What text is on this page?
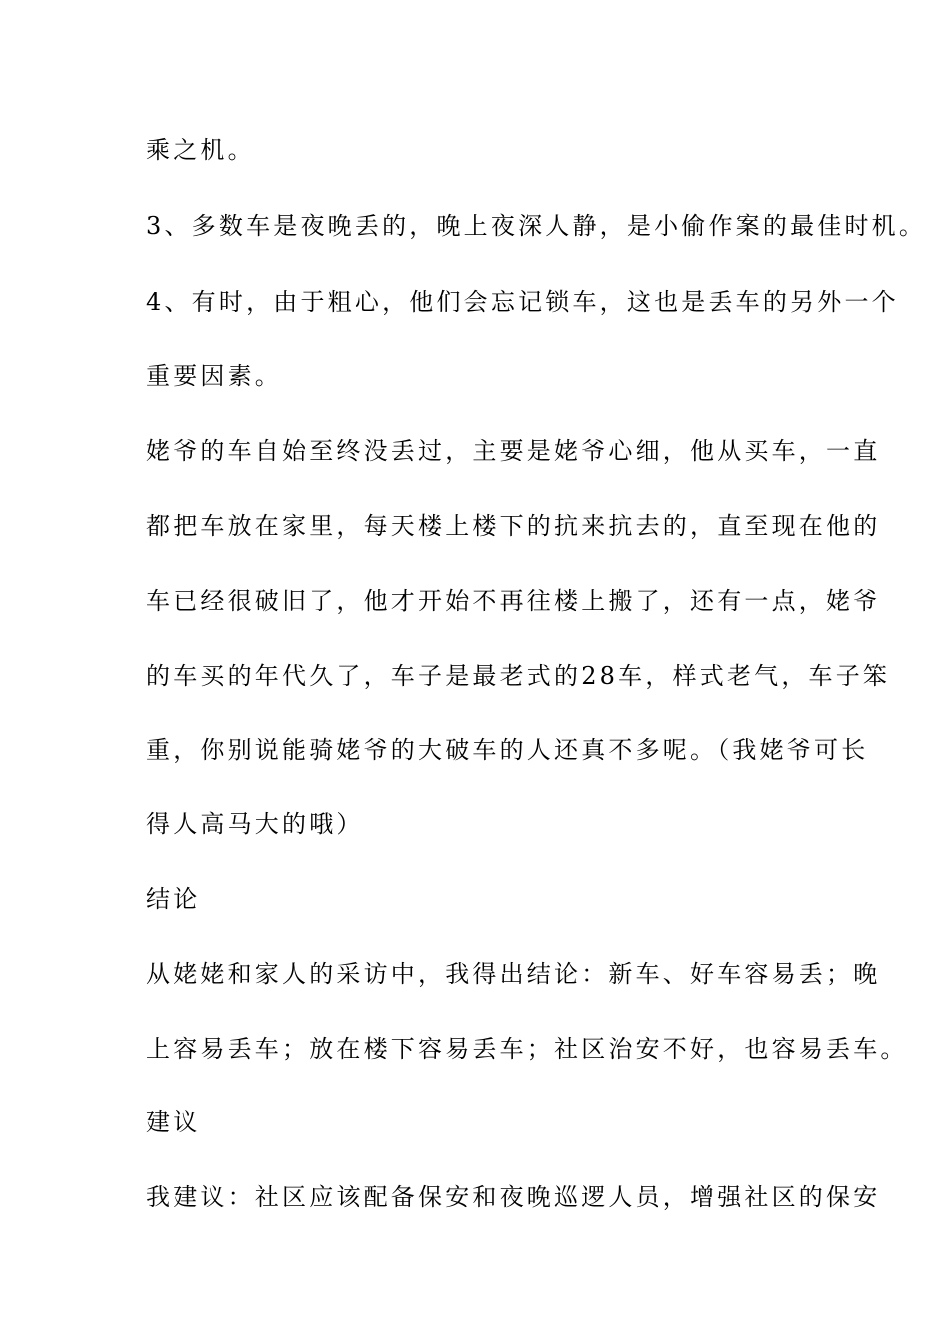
乘之机。
3、多数车是夜晚丢的，晚上夜深人静，是小偷作案的最佳时机。
4、有时，由于粗心，他们会忘记锁车，这也是丢车的另外一个
重要因素。
姥爷的车自始至终没丢过，主要是姥爷心细，他从买车，一直
都把车放在家里，每天楼上楼下的抗来抗去的，直至现在他的
车已经很破旧了，他才开始不再往楼上搬了，还有一点，姥爷
的车买的年代久了，车子是最老式的28车，样式老气，车子笨
重，你别说能骑姥爷的大破车的人还真不多呢。（我姥爷可长
得人高马大的哦）
结论
从姥姥和家人的采访中，我得出结论：新车、好车容易丢；晚
上容易丢车；放在楼下容易丢车；社区治安不好，也容易丢车。
建议
我建议：社区应该配备保安和夜晚巡逻人员，增强社区的保安
